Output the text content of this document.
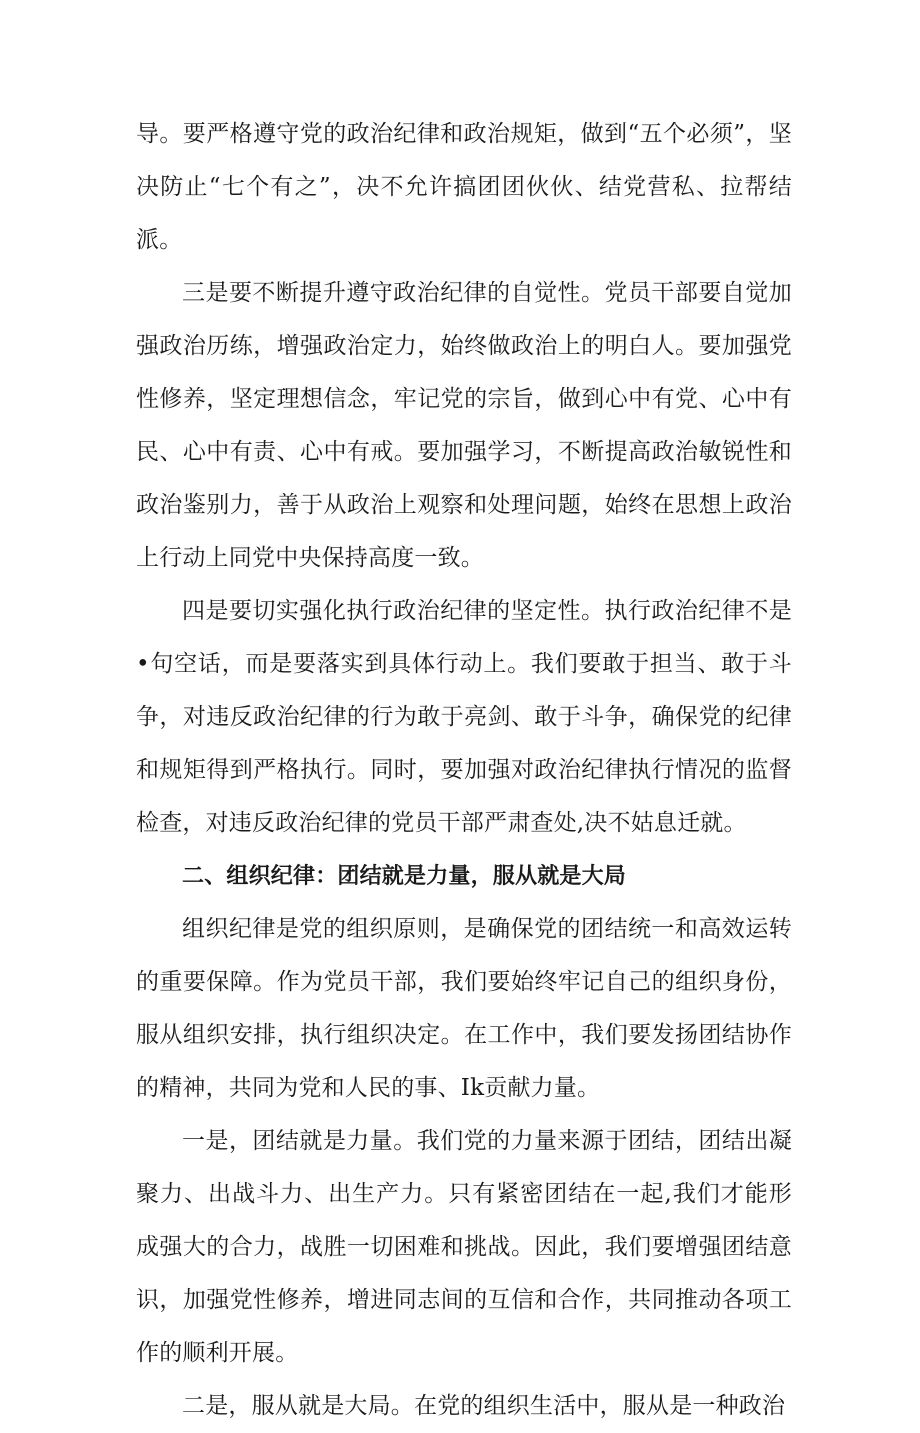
导。要严格遵守党的政治纪律和政治规矩，做到“五个必须”，坚决防止“七个有之”，决不允许搞团团伙伙、结党营私、拉帮结派。

三是要不断提升遵守政治纪律的自觉性。党员干部要自觉加强政治历练，增强政治定力，始终做政治上的明白人。要加强党性修养，坚定理想信念，牢记党的宗旨，做到心中有党、心中有民、心中有责、心中有戒。要加强学习，不断提高政治敏锐性和政治鉴别力，善于从政治上观察和处理问题，始终在思想上政治上行动上同党中央保持高度一致。

四是要切实强化执行政治纪律的坚定性。执行政治纪律不是•句空话，而是要落实到具体行动上。我们要敢于担当、敢于斗争，对违反政治纪律的行为敢于亮剑、敢于斗争，确保党的纪律和规矩得到严格执行。同时，要加强对政治纪律执行情况的监督检查，对违反政治纪律的党员干部严肃查处,决不姑息迁就。

二、组织纪律：团结就是力量，服从就是大局

组织纪律是党的组织原则，是确保党的团结统一和高效运转的重要保障。作为党员干部，我们要始终牢记自己的组织身份，服从组织安排，执行组织决定。在工作中，我们要发扬团结协作的精神，共同为党和人民的事、Ik贡献力量。

一是，团结就是力量。我们党的力量来源于团结，团结出凝聚力、出战斗力、出生产力。只有紧密团结在一起,我们才能形成强大的合力，战胜一切困难和挑战。因此，我们要增强团结意识，加强党性修养，增进同志间的互信和合作，共同推动各项工作的顺利开展。

二是，服从就是大局。在党的组织生活中，服从是一种政治
